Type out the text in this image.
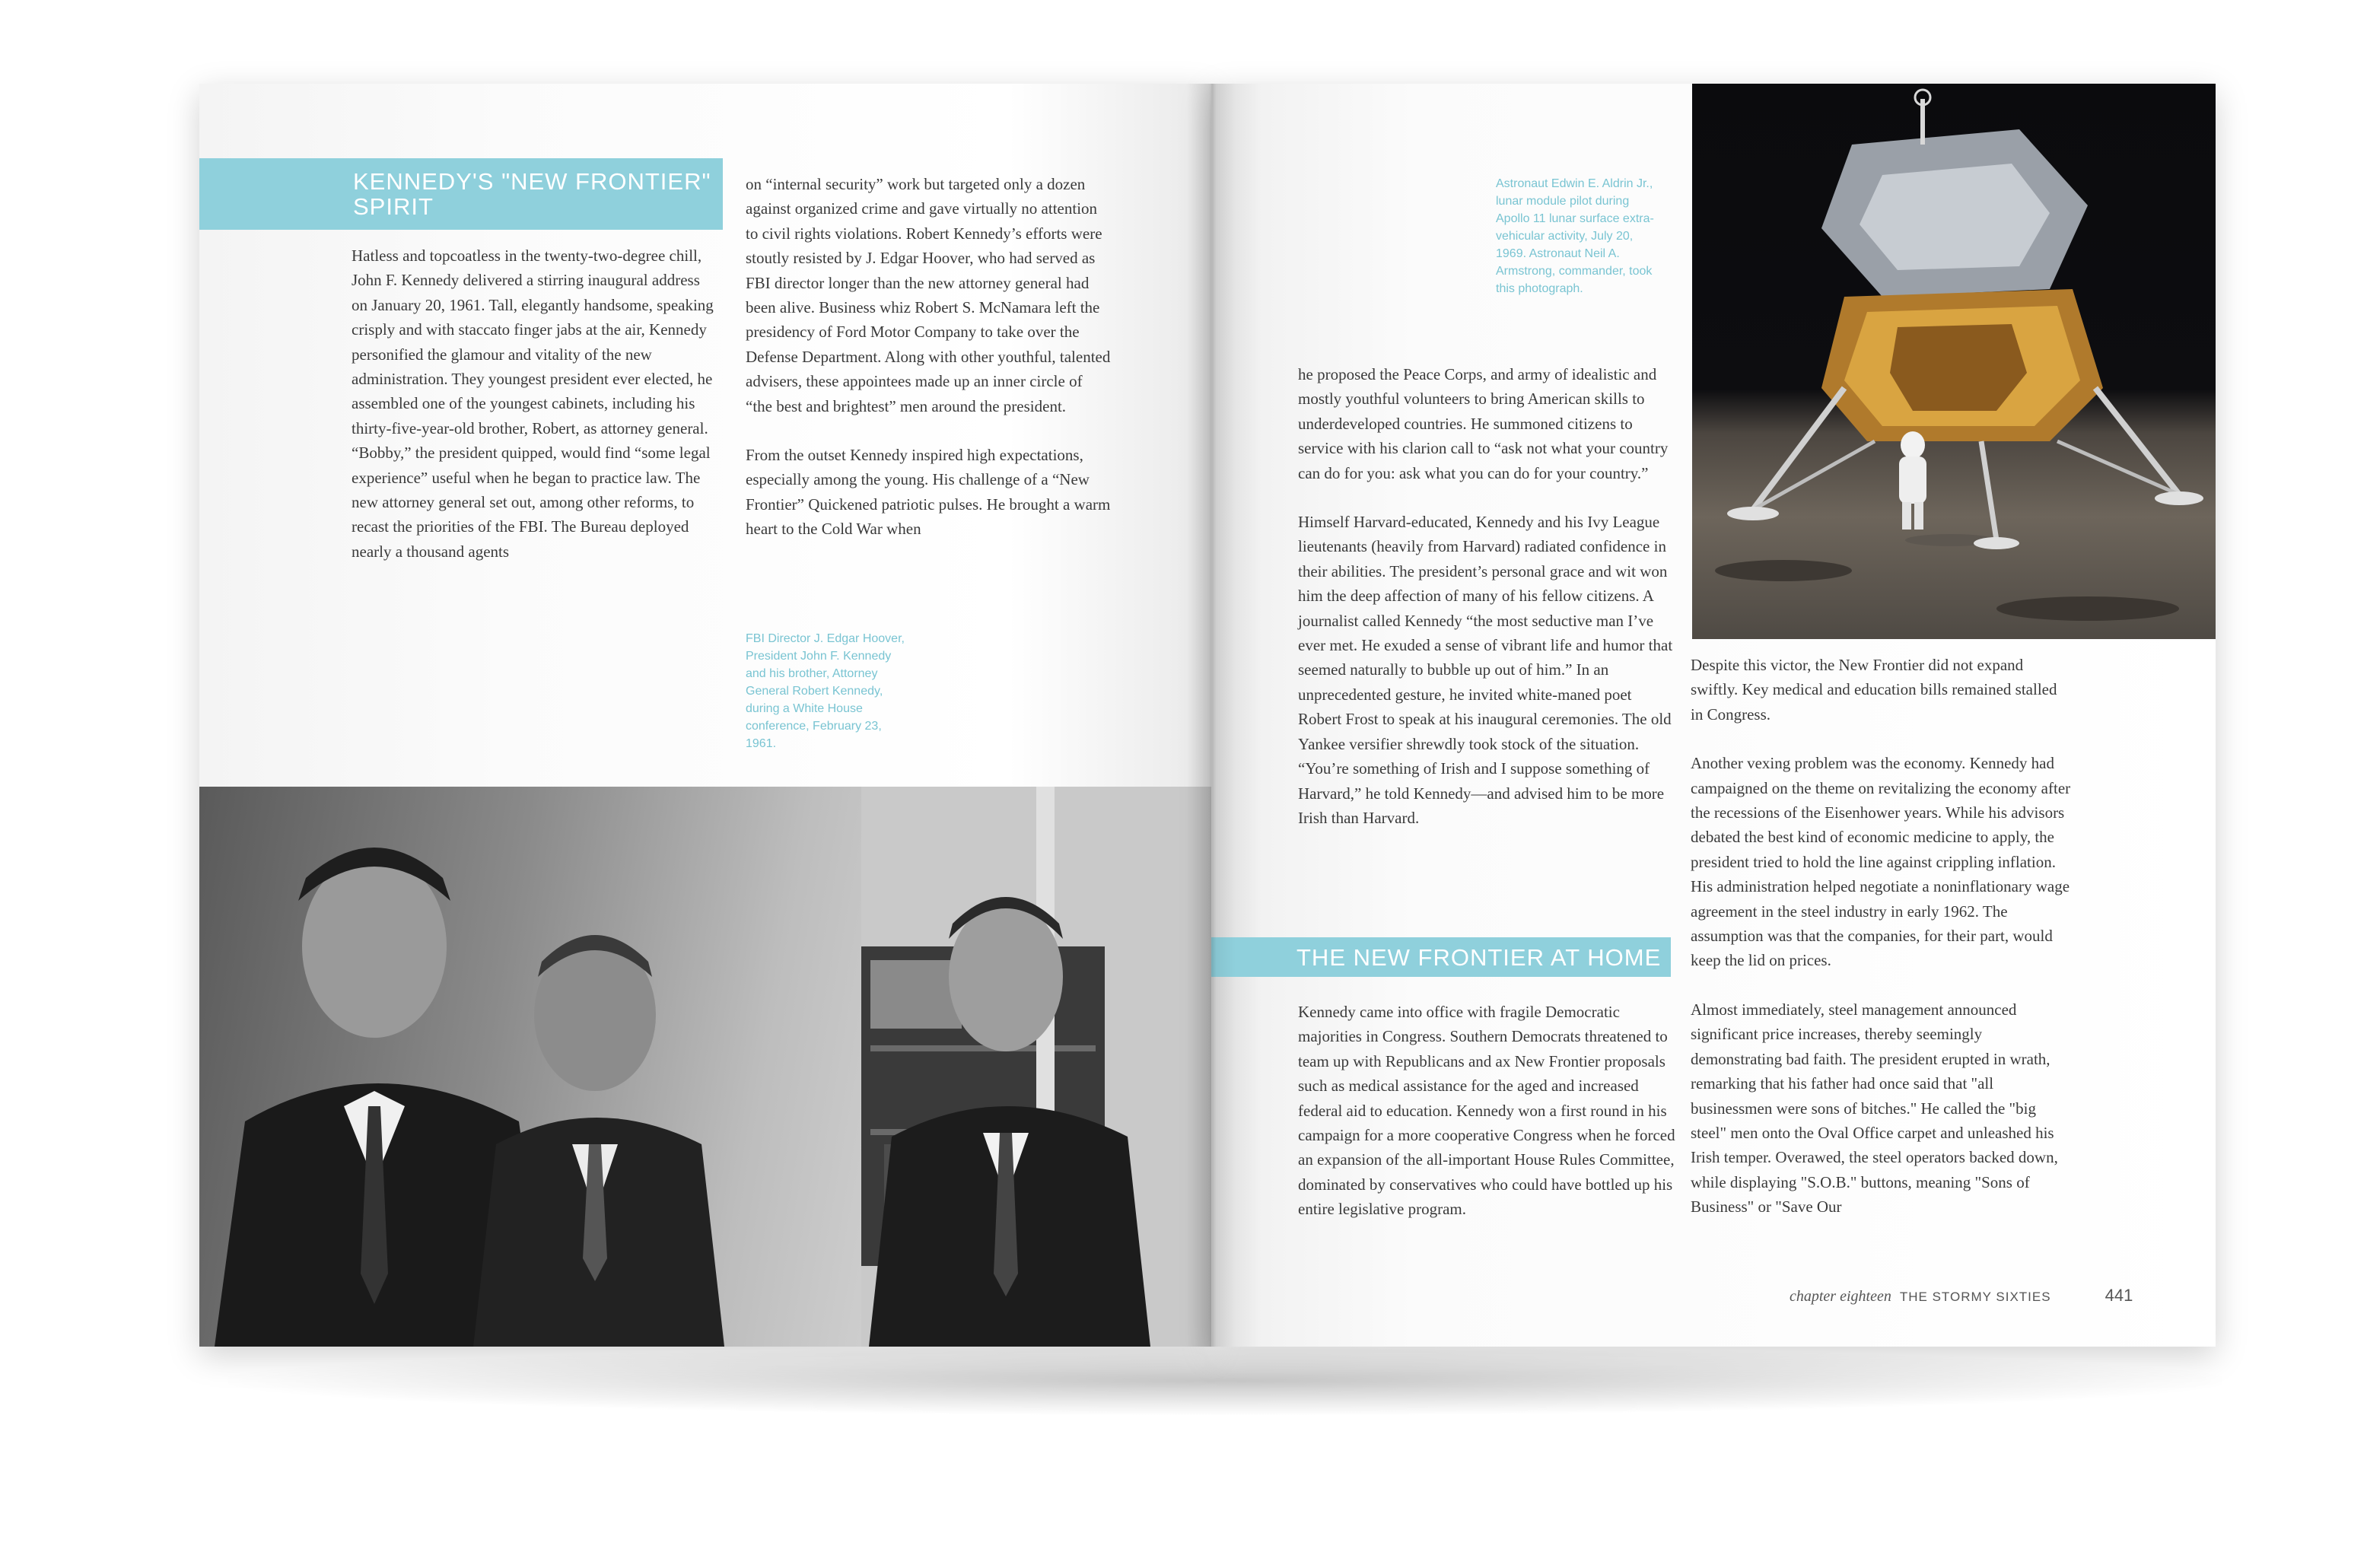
KENNEDY'S "NEW FRONTIER" SPIRIT

Hatless and topcoatless in the twenty-two-degree chill, John F. Kennedy delivered a stirring inaugural address on January 20, 1961. Tall, elegantly handsome, speaking crisply and with staccato finger jabs at the air, Kennedy personified the glamour and vitality of the new administration. They youngest president ever elected, he assembled one of the youngest cabinets, including his thirty-five-year-old brother, Robert, as attorney general. “Bobby,” the president quipped, would find “some legal experience” useful when he began to practice law. The new attorney general set out, among other reforms, to recast the priorities of the FBI. The Bureau deployed nearly a thousand agents

on “internal security” work but targeted only a dozen against organized crime and gave virtually no attention to civil rights violations. Robert Kennedy’s efforts were stoutly resisted by J. Edgar Hoover, who had served as FBI director longer than the new attorney general had been alive. Business whiz Robert S. McNamara left the presidency of Ford Motor Company to take over the Defense Department. Along with other youthful, talented advisers, these appointees made up an inner circle of “the best and brightest” men around the president.

From the outset Kennedy inspired high expectations, especially among the young. His challenge of a “New Frontier” Quickened patriotic pulses. He brought a warm heart to the Cold War when

FBI Director J. Edgar Hoover, President John F. Kennedy and his brother, Attorney General Robert Kennedy, during a White House conference, February 23, 1961.
Astronaut Edwin E. Aldrin Jr., lunar module pilot during Apollo 11 lunar surface extra-vehicular activity, July 20, 1969. Astronaut Neil A. Armstrong, commander, took this photograph.

he proposed the Peace Corps, and army of idealistic and mostly youthful volunteers to bring American skills to underdeveloped countries. He summoned citizens to service with his clarion call to “ask not what your country can do for you: ask what you can do for your country.”

Himself Harvard-educated, Kennedy and his Ivy League lieutenants (heavily from Harvard) radiated confidence in their abilities. The president’s personal grace and wit won him the deep affection of many of his fellow citizens. A journalist called Kennedy “the most seductive man I’ve ever met. He exuded a sense of vibrant life and humor that seemed naturally to bubble up out of him.” In an unprecedented gesture, he invited white-maned poet Robert Frost to speak at his inaugural ceremonies. The old Yankee versifier shrewdly took stock of the situation. “You’re something of Irish and I suppose something of Harvard,” he told Kennedy—and advised him to be more Irish than Harvard.

THE NEW FRONTIER AT HOME

Kennedy came into office with fragile Democratic majorities in Congress. Southern Democrats threatened to team up with Republicans and ax New Frontier proposals such as medical assistance for the aged and increased federal aid to education. Kennedy won a first round in his campaign for a more cooperative Congress when he forced an expansion of the all-important House Rules Committee, dominated by conservatives who could have bottled up his entire legislative program.

Despite this victor, the New Frontier did not expand swiftly. Key medical and education bills remained stalled in Congress.

Another vexing problem was the economy. Kennedy had campaigned on the theme on revitalizing the economy after the recessions of the Eisenhower years. While his advisors debated the best kind of economic medicine to apply, the president tried to hold the line against crippling inflation. His administration helped negotiate a noninflationary wage agreement in the steel industry in early 1962. The assumption was that the companies, for their part, would keep the lid on prices.

Almost immediately, steel management announced significant price increases, thereby seemingly demonstrating bad faith. The president erupted in wrath, remarking that his father had once said that "all businessmen were sons of bitches." He called the "big steel" men onto the Oval Office carpet and unleashed his Irish temper. Overawed, the steel operators backed down, while displaying "S.O.B." buttons, meaning "Sons of Business" or "Save Our

chapter eighteen THE STORMY SIXTIES	441
